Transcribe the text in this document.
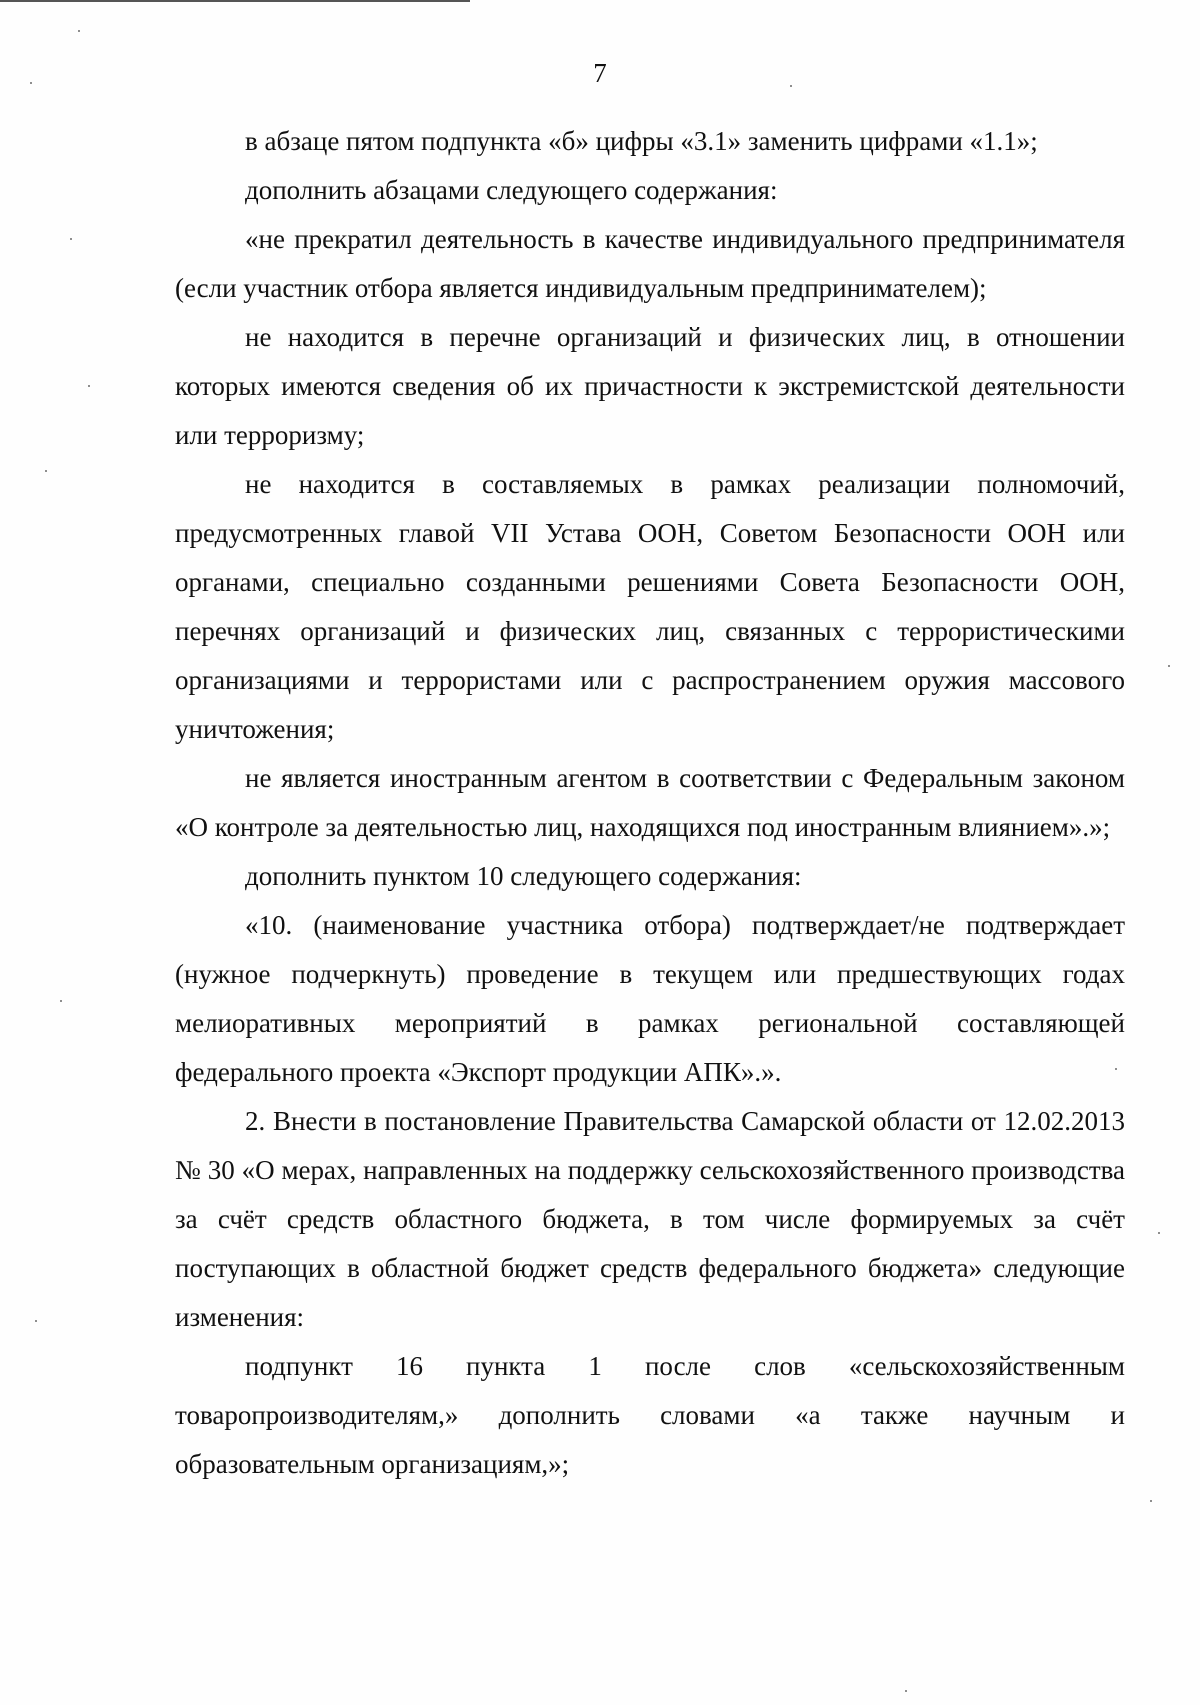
7

в абзаце пятом подпункта «б» цифры «3.1» заменить цифрами «1.1»;

дополнить абзацами следующего содержания:

«не прекратил деятельность в качестве индивидуального предпринимателя (если участник отбора является индивидуальным предпринимателем);

не находится в перечне организаций и физических лиц, в отношении которых имеются сведения об их причастности к экстремистской деятельности или терроризму;

не находится в составляемых в рамках реализации полномочий, предусмотренных главой VII Устава ООН, Советом Безопасности ООН или органами, специально созданными решениями Совета Безопасности ООН, перечнях организаций и физических лиц, связанных с террористическими организациями и террористами или с распространением оружия массового уничтожения;

не является иностранным агентом в соответствии с Федеральным законом «О контроле за деятельностью лиц, находящихся под иностранным влиянием».»;

дополнить пунктом 10 следующего содержания:

«10. (наименование участника отбора) подтверждает/не подтверждает (нужное подчеркнуть) проведение в текущем или предшествующих годах мелиоративных мероприятий в рамках региональной составляющей федерального проекта «Экспорт продукции АПК».».

2. Внести в постановление Правительства Самарской области от 12.02.2013 № 30 «О мерах, направленных на поддержку сельскохозяйственного производства за счёт средств областного бюджета, в том числе формируемых за счёт поступающих в областной бюджет средств федерального бюджета» следующие изменения:

подпункт 16 пункта 1 после слов «сельскохозяйственным товаропроизводителям,» дополнить словами «а также научным и образовательным организациям,»;
